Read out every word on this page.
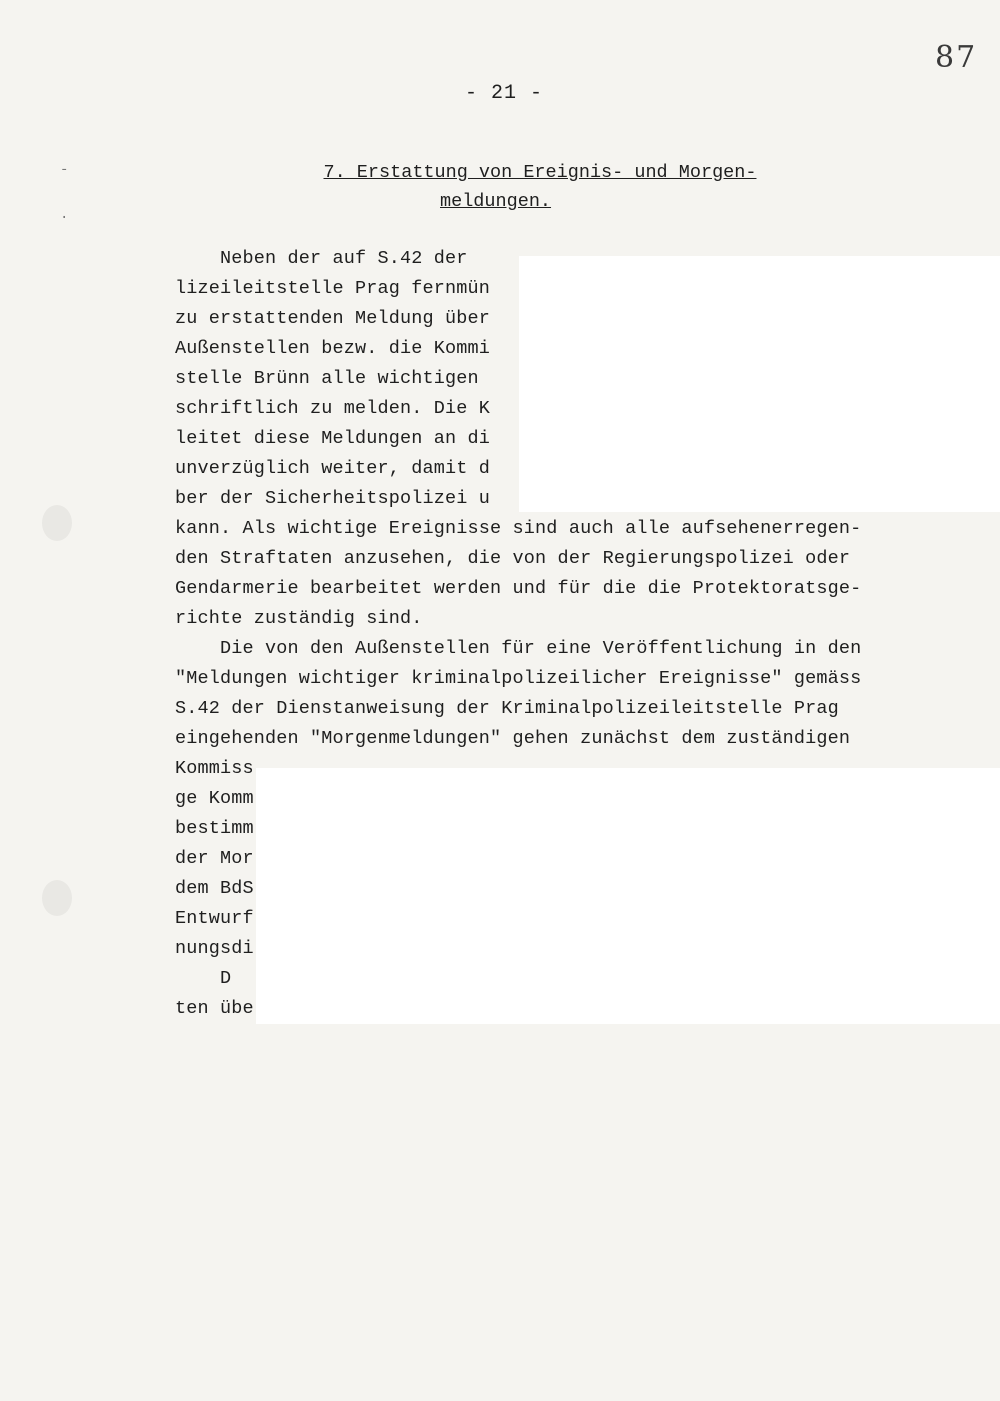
-
·
87
- 21 -
7. Erstattung von Ereignis- und Morgen-
meldungen.
Neben der auf S.42 der
lizeileitstelle Prag fernmün
zu erstattenden Meldung über
Außenstellen bezw. die Kommi
stelle Brünn alle wichtigen
schriftlich zu melden. Die K
leitet diese Meldungen an di
unverzüglich weiter, damit d
ber der Sicherheitspolizei u
kann. Als wichtige Ereignisse sind auch alle aufsehenerregen-
den Straftaten anzusehen, die von der Regierungspolizei oder
Gendarmerie bearbeitet werden und für die die Protektoratsge-
richte zuständig sind.
Die von den Außenstellen für eine Veröffentlichung in den
"Meldungen wichtiger kriminalpolizeilicher Ereignisse" gemäss
S.42 der Dienstanweisung der Kriminalpolizeileitstelle Prag
eingehenden "Morgenmeldungen" gehen zunächst dem zuständigen
Kommiss
ge Komm
bestimm
der Mor
dem BdS
Entwurf
nungsdi
D
ten übe
